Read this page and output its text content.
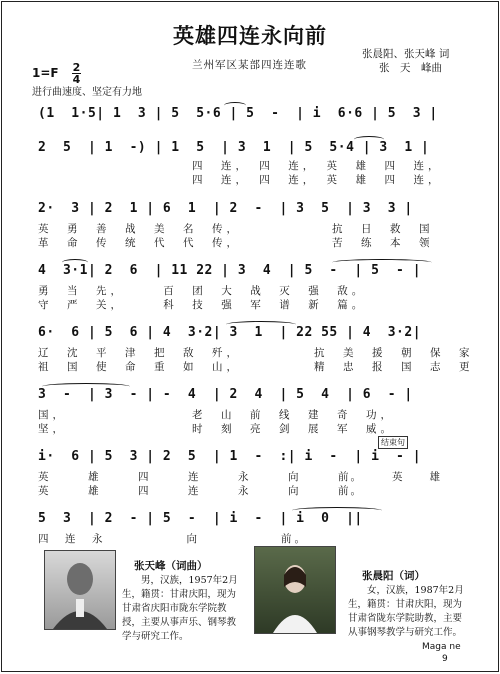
英雄四连永向前
兰州军区某部四连连歌
张晨阳、张天峰 词
张　天　峰曲
1=F 2
4
进行曲速度、坚定有力地
(1  1·5| 1  3 | 5  5·6 | 5  -  | i  6·6 | 5  3 |
2  5  | 1  -) | 1  5  | 3  1  | 5  5·4 | 3  1 |
2·  3 | 2  1 | 6  1  | 2  -  | 3  5  | 3  3 |
4  3·1| 2  6  | 11 22 | 3  4  | 5  -  | 5  - |
6·  6 | 5  6 | 4  3·2| 3  1  | 22 55 | 4  3·2|
3  -  | 3  - | -  4  | 2  4  | 5  4  | 6  - |
i·  6 | 5  3 | 2  5  | 1  -  :| i  -  | i  - |
5  3  | 2  - | 5  -  | i  -  | i  0  ||
四　连，　四　连，　英　雄　四　连，
四　连，　四　连，　英　雄　四　连，
英　勇　善　战　美　名　传，	抗　日　救　国
革　命　传　统　代　代　传，	苦　练　本　领
勇　当　先，　　　百　团　大　战　灭　强　敌。
守　严　关，　　　科　技　强　军　谱　新　篇。
辽　沈　平　津　把　敌　歼，	抗　美　援　朝　保　家
祖　国　使　命　重　如　山，	精　忠　报　国　志　更
国，	老　山　前　线　建　奇　功，
坚，	时　刻　亮　剑　展　军　威。
结束句
英　　　雄　　　四　　　连　　　永　　　向　　　前。	英　　雄
英　　　雄　　　四　　　连　　　永　　　向　　　前。
四　连　永　　　　　　向　　　　　　前。
张天峰（词曲）
男，汉族，1957年2月生，籍贯：甘肃庆阳，现为甘肃省庆阳市陇东学院教授，主要从事声乐、钢琴教学与研究工作。
张晨阳（词）
女，汉族，1987年2月生，籍贯：甘肃庆阳，现为甘肃省陇东学院助教，主要从事钢琴教学与研究工作。
Maga ne
9
